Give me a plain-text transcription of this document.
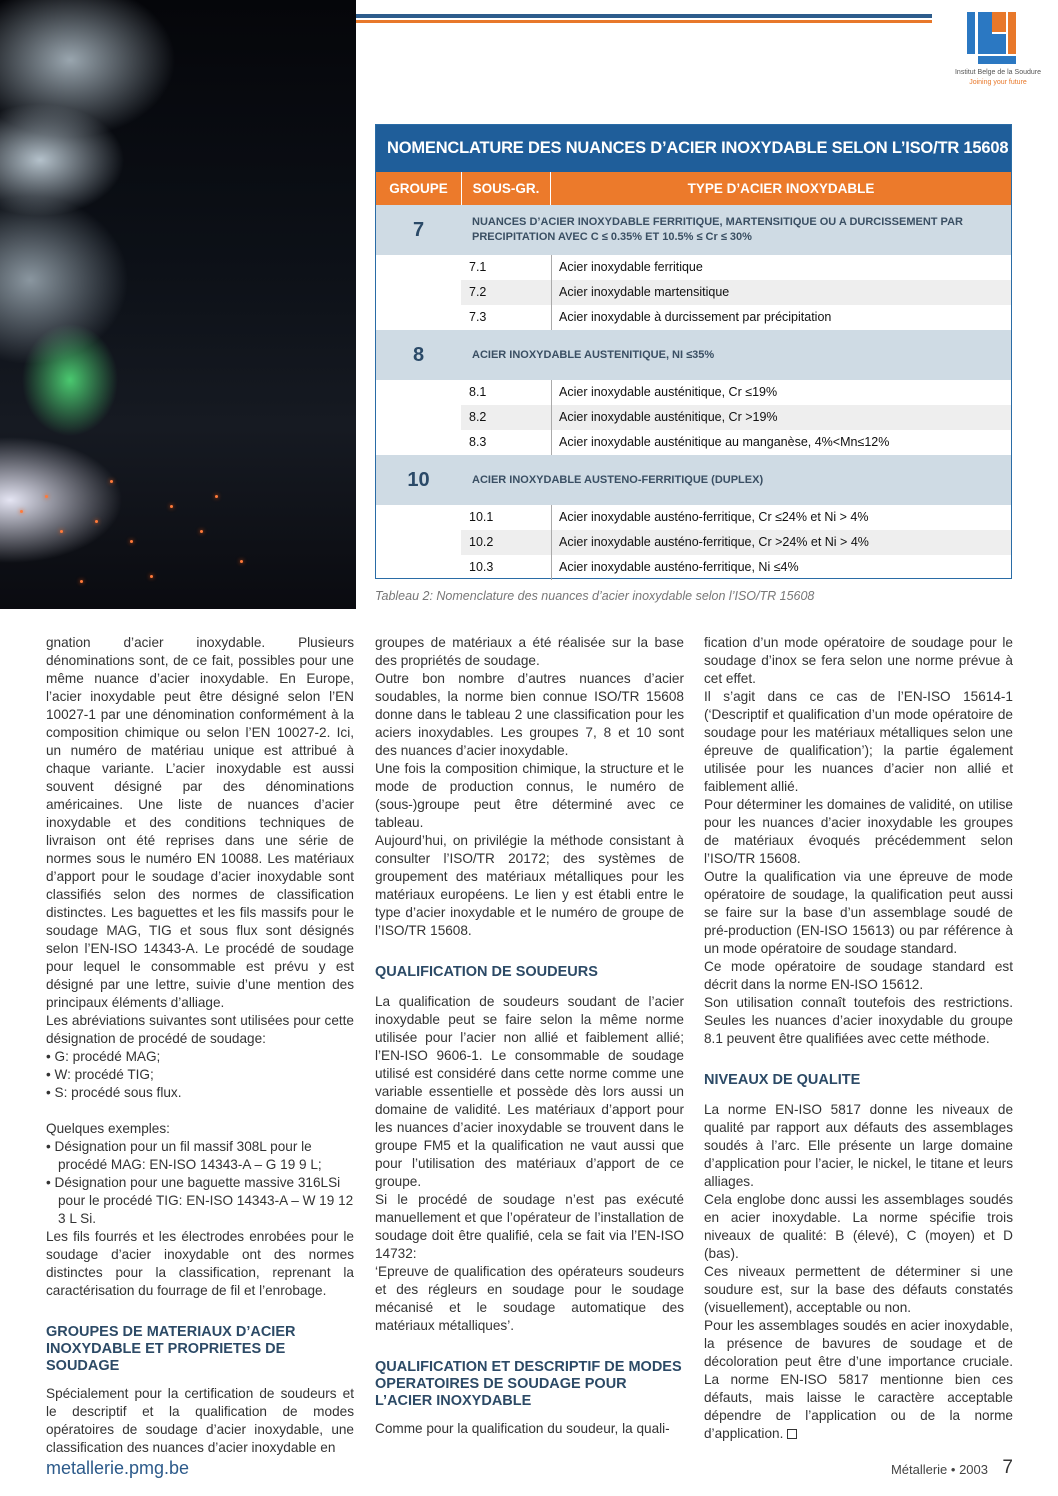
Institut Belge de la Soudure
Joining your future
NOMENCLATURE DES NUANCES D’ACIER INOXYDABLE SELON L’ISO/TR 15608
GROUPE	SOUS-GR.	TYPE D’ACIER INOXYDABLE
7	NUANCES D’ACIER INOXYDABLE FERRITIQUE, MARTENSITIQUE OU A DURCISSEMENT PAR PRECIPITATION AVEC C ≤ 0.35% ET 10.5% ≤ Cr ≤ 30%
7.1	Acier inoxydable ferritique
7.2	Acier inoxydable martensitique
7.3	Acier inoxydable à durcissement par précipitation
8	ACIER INOXYDABLE AUSTENITIQUE, NI ≤35%
8.1	Acier inoxydable austénitique, Cr ≤19%
8.2	Acier inoxydable austénitique, Cr >19%
8.3	Acier inoxydable austénitique au manganèse, 4%<Mn≤12%
10	ACIER INOXYDABLE AUSTENO-FERRITIQUE (DUPLEX)
10.1	Acier inoxydable austéno-ferritique, Cr ≤24% et Ni > 4%
10.2	Acier inoxydable austéno-ferritique, Cr >24% et Ni > 4%
10.3	Acier inoxydable austéno-ferritique, Ni ≤4%
Tableau 2: Nomenclature des nuances d’acier inoxydable selon l’ISO/TR 15608

gnation d’acier inoxydable. Plusieurs dénominations sont, de ce fait, possibles pour une même nuance d’acier inoxydable. En Europe, l’acier inoxydable peut être désigné selon l’EN 10027-1 par une dénomination conformément à la composition chimique ou selon l’EN 10027-2. Ici, un numéro de matériau unique est attribué à chaque variante. L’acier inoxydable est aussi souvent désigné par des dénominations américaines. Une liste de nuances d’acier inoxydable et des conditions techniques de livraison ont été reprises dans une série de normes sous le numéro EN 10088. Les matériaux d’apport pour le soudage d’acier inoxydable sont classifiés selon des normes de classification distinctes. Les baguettes et les fils massifs pour le soudage MAG, TIG et sous flux sont désignés selon l’EN-ISO 14343-A. Le procédé de soudage pour lequel le consommable est prévu y est désigné par une lettre, suivie d’une mention des principaux éléments d’alliage.

Les abréviations suivantes sont utilisées pour cette désignation de procédé de soudage:

• G: procédé MAG;
• W: procédé TIG;
• S: procédé sous flux.

Quelques exemples:

• Désignation pour un fil massif 308L pour le procédé MAG: EN-ISO 14343-A – G 19 9 L;
• Désignation pour une baguette massive 316LSi pour le procédé TIG: EN-ISO 14343-A – W 19 12 3 L Si.

Les fils fourrés et les électrodes enrobées pour le soudage d’acier inoxydable ont des normes distinctes pour la classification, reprenant la caractérisation du fourrage de fil et l’enrobage.

GROUPES DE MATERIAUX D’ACIER INOXYDABLE ET PROPRIETES DE SOUDAGE

Spécialement pour la certification de soudeurs et le descriptif et la qualification de modes opératoires de soudage d’acier inoxydable, une classification des nuances d’acier inoxydable en

groupes de matériaux a été réalisée sur la base des propriétés de soudage.

Outre bon nombre d’autres nuances d’acier soudables, la norme bien connue ISO/TR 15608 donne dans le tableau 2 une classification pour les aciers inoxydables. Les groupes 7, 8 et 10 sont des nuances d’acier inoxydable.

Une fois la composition chimique, la structure et le mode de production connus, le numéro de (sous-)groupe peut être déterminé avec ce tableau.

Aujourd’hui, on privilégie la méthode consistant à consulter l’ISO/TR 20172; des systèmes de groupement des matériaux métalliques pour les matériaux européens. Le lien y est établi entre le type d’acier inoxydable et le numéro de groupe de l’ISO/TR 15608.

QUALIFICATION DE SOUDEURS

La qualification de soudeurs soudant de l’acier inoxydable peut se faire selon la même norme utilisée pour l’acier non allié et faiblement allié; l’EN-ISO 9606-1. Le consommable de soudage utilisé est considéré dans cette norme comme une variable essentielle et possède dès lors aussi un domaine de validité. Les matériaux d’apport pour les nuances d’acier inoxydable se trouvent dans le groupe FM5 et la qualification ne vaut aussi que pour l’utilisation des matériaux d’apport de ce groupe.

Si le procédé de soudage n’est pas exécuté manuellement et que l’opérateur de l’installation de soudage doit être qualifié, cela se fait via l’EN-ISO 14732:

‘Epreuve de qualification des opérateurs soudeurs et des régleurs en soudage pour le soudage mécanisé et le soudage automatique des matériaux métalliques’.

QUALIFICATION ET DESCRIPTIF DE MODES OPERATOIRES DE SOUDAGE POUR L’ACIER INOXYDABLE

Comme pour la qualification du soudeur, la quali-

fication d’un mode opératoire de soudage pour le soudage d’inox se fera selon une norme prévue à cet effet.

Il s’agit dans ce cas de l’EN-ISO 15614-1 (‘Descriptif et qualification d’un mode opératoire de soudage pour les matériaux métalliques selon une épreuve de qualification’); la partie également utilisée pour les nuances d’acier non allié et faiblement allié.

Pour déterminer les domaines de validité, on utilise pour les nuances d’acier inoxydable les groupes de matériaux évoqués précédemment selon l’ISO/TR 15608.

Outre la qualification via une épreuve de mode opératoire de soudage, la qualification peut aussi se faire sur la base d’un assemblage soudé de pré-production (EN-ISO 15613) ou par référence à un mode opératoire de soudage standard.

Ce mode opératoire de soudage standard est décrit dans la norme EN-ISO 15612.

Son utilisation connaît toutefois des restrictions. Seules les nuances d’acier inoxydable du groupe 8.1 peuvent être qualifiées avec cette méthode.

NIVEAUX DE QUALITE

La norme EN-ISO 5817 donne les niveaux de qualité par rapport aux défauts des assemblages soudés à l’arc. Elle présente un large domaine d’application pour l’acier, le nickel, le titane et leurs alliages.

Cela englobe donc aussi les assemblages soudés en acier inoxydable. La norme spécifie trois niveaux de qualité: B (élevé), C (moyen) et D (bas).

Ces niveaux permettent de déterminer si une soudure est, sur la base des défauts constatés (visuellement), acceptable ou non.

Pour les assemblages soudés en acier inoxydable, la présence de bavures de soudage et de décoloration peut être d’une importance cruciale. La norme EN-ISO 5817 mentionne bien ces défauts, mais laisse le caractère acceptable dépendre de l’application ou de la norme d’application.

metallerie.pmg.be	Métallerie • 2003 7
